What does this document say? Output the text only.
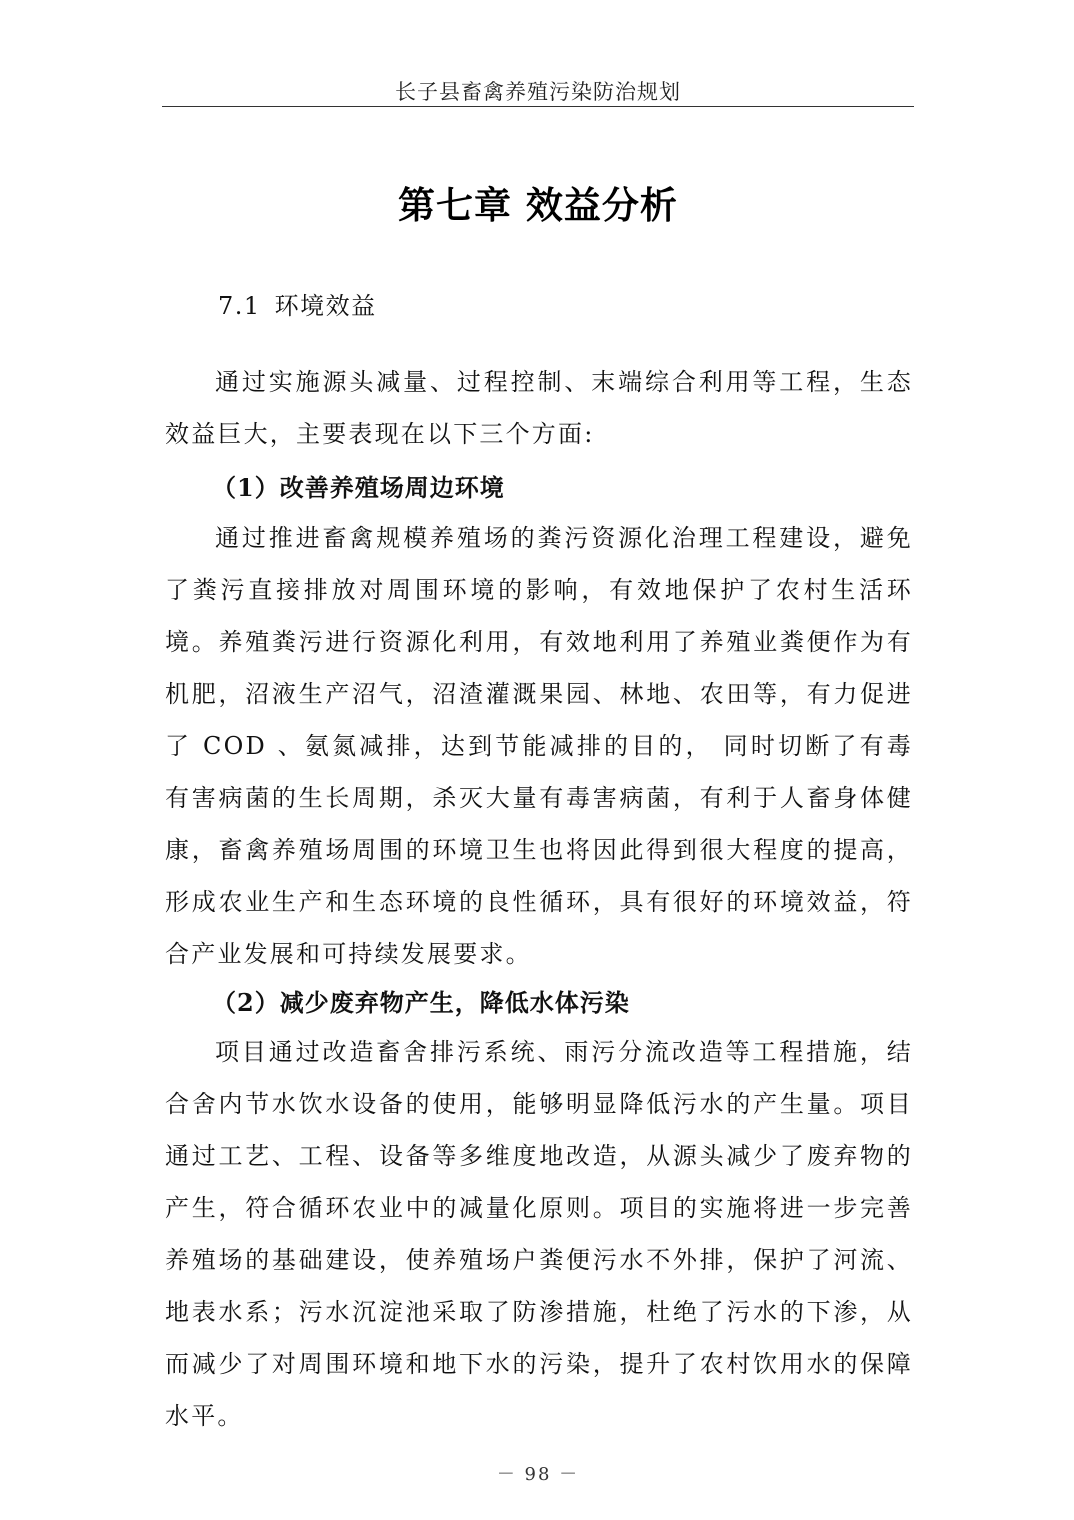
长子县畜禽养殖污染防治规划
第七章 效益分析
7.1 环境效益

通过实施源头减量、过程控制、末端综合利用等工程，生态效益巨大，主要表现在以下三个方面:

（1）改善养殖场周边环境

通过推进畜禽规模养殖场的粪污资源化治理工程建设，避免了粪污直接排放对周围环境的影响，有效地保护了农村生活环境。养殖粪污进行资源化利用，有效地利用了养殖业粪便作为有机肥，沼液生产沼气，沼渣灌溉果园、林地、农田等，有力促进了 COD 、氨氮减排，达到节能减排的目的， 同时切断了有毒有害病菌的生长周期，杀灭大量有毒害病菌，有利于人畜身体健康，畜禽养殖场周围的环境卫生也将因此得到很大程度的提高，形成农业生产和生态环境的良性循环，具有很好的环境效益，符合产业发展和可持续发展要求。

（2）减少废弃物产生，降低水体污染

项目通过改造畜舍排污系统、雨污分流改造等工程措施，结合舍内节水饮水设备的使用，能够明显降低污水的产生量。项目通过工艺、工程、设备等多维度地改造，从源头减少了废弃物的产生，符合循环农业中的减量化原则。项目的实施将进一步完善养殖场的基础建设，使养殖场户粪便污水不外排，保护了河流、地表水系；污水沉淀池采取了防渗措施，杜绝了污水的下渗，从而减少了对周围环境和地下水的污染，提升了农村饮用水的保障水平。

－ 98 －
